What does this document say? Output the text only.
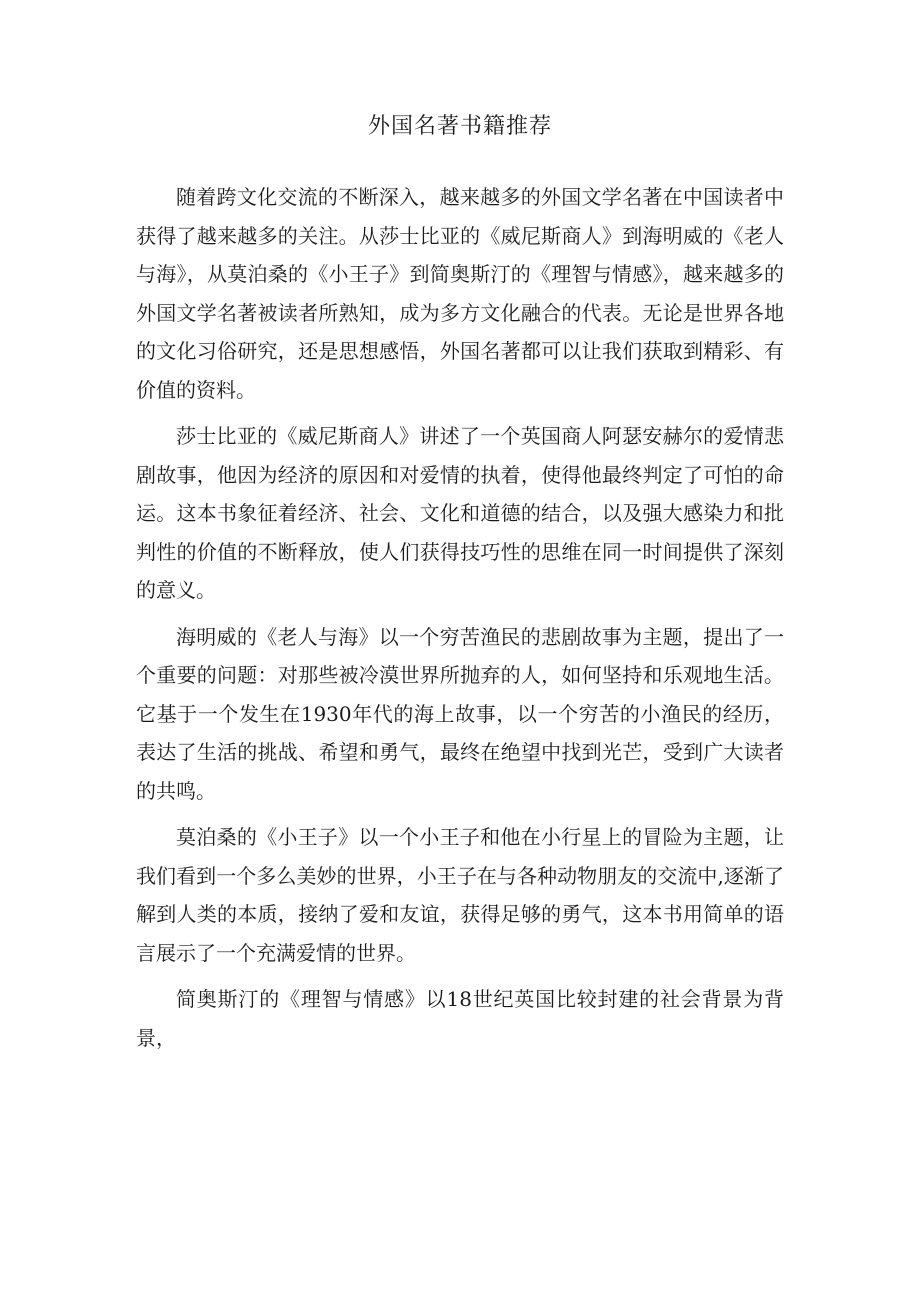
外国名著书籍推荐

随着跨文化交流的不断深入，越来越多的外国文学名著在中国读者中获得了越来越多的关注。从莎士比亚的《威尼斯商人》到海明威的《老人与海》，从莫泊桑的《小王子》到简奥斯汀的《理智与情感》，越来越多的外国文学名著被读者所熟知，成为多方文化融合的代表。无论是世界各地的文化习俗研究，还是思想感悟，外国名著都可以让我们获取到精彩、有价值的资料。

莎士比亚的《威尼斯商人》讲述了一个英国商人阿瑟安赫尔的爱情悲剧故事，他因为经济的原因和对爱情的执着，使得他最终判定了可怕的命运。这本书象征着经济、社会、文化和道德的结合，以及强大感染力和批判性的价值的不断释放，使人们获得技巧性的思维在同一时间提供了深刻的意义。

海明威的《老人与海》以一个穷苦渔民的悲剧故事为主题，提出了一个重要的问题：对那些被冷漠世界所抛弃的人，如何坚持和乐观地生活。它基于一个发生在1930年代的海上故事，以一个穷苦的小渔民的经历，表达了生活的挑战、希望和勇气，最终在绝望中找到光芒，受到广大读者的共鸣。

莫泊桑的《小王子》以一个小王子和他在小行星上的冒险为主题，让我们看到一个多么美妙的世界，小王子在与各种动物朋友的交流中,逐渐了解到人类的本质，接纳了爱和友谊，获得足够的勇气，这本书用简单的语言展示了一个充满爱情的世界。

简奥斯汀的《理智与情感》以18世纪英国比较封建的社会背景为背景，
